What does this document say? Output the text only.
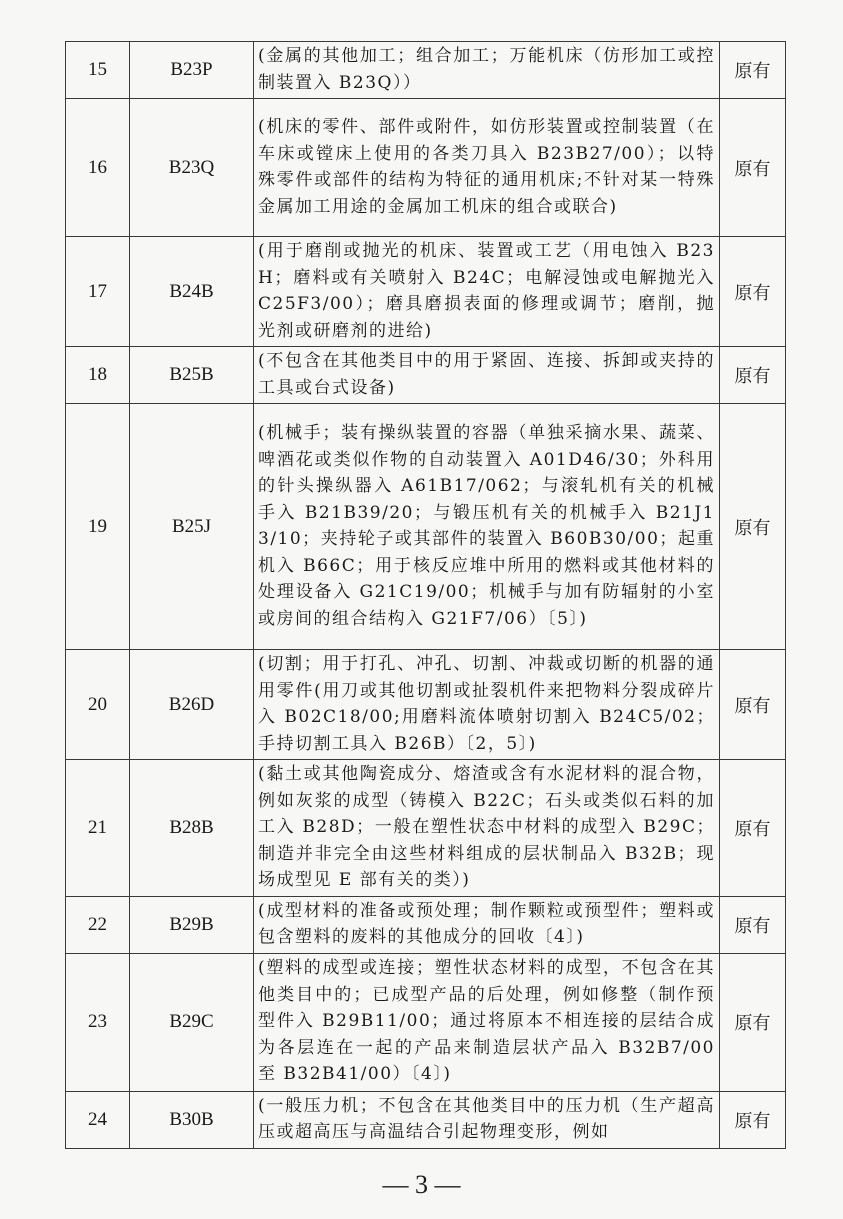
15	B23P	(金属的其他加工；组合加工；万能机床（仿形加工或控制装置入 B23Q））	原有
16	B23Q	(机床的零件、部件或附件，如仿形装置或控制装置（在车床或镗床上使用的各类刀具入 B23B27/00）；以特殊零件或部件的结构为特征的通用机床;不针对某一特殊金属加工用途的金属加工机床的组合或联合)	原有
17	B24B	(用于磨削或抛光的机床、装置或工艺（用电蚀入 B23H；磨料或有关喷射入 B24C；电解浸蚀或电解抛光入 C25F3/00）；磨具磨损表面的修理或调节；磨削，抛光剂或研磨剂的进给)	原有
18	B25B	(不包含在其他类目中的用于紧固、连接、拆卸或夹持的工具或台式设备)	原有
19	B25J	(机械手；装有操纵装置的容器（单独采摘水果、蔬菜、啤酒花或类似作物的自动装置入 A01D46/30；外科用的针头操纵器入 A61B17/062；与滚轧机有关的机械手入 B21B39/20；与锻压机有关的机械手入 B21J13/10；夹持轮子或其部件的装置入 B60B30/00；起重机入 B66C；用于核反应堆中所用的燃料或其他材料的处理设备入 G21C19/00；机械手与加有防辐射的小室或房间的组合结构入 G21F7/06）〔5〕)	原有
20	B26D	(切割；用于打孔、冲孔、切割、冲裁或切断的机器的通用零件(用刀或其他切割或扯裂机件来把物料分裂成碎片入 B02C18/00;用磨料流体喷射切割入 B24C5/02；手持切割工具入 B26B）〔2，5〕)	原有
21	B28B	(黏土或其他陶瓷成分、熔渣或含有水泥材料的混合物，例如灰浆的成型（铸模入 B22C；石头或类似石料的加工入 B28D；一般在塑性状态中材料的成型入 B29C；制造并非完全由这些材料组成的层状制品入 B32B；现场成型见 E 部有关的类）)	原有
22	B29B	(成型材料的准备或预处理；制作颗粒或预型件；塑料或包含塑料的废料的其他成分的回收〔4〕)	原有
23	B29C	(塑料的成型或连接；塑性状态材料的成型，不包含在其他类目中的；已成型产品的后处理，例如修整（制作预型件入 B29B11/00；通过将原本不相连接的层结合成为各层连在一起的产品来制造层状产品入 B32B7/00 至 B32B41/00）〔4〕)	原有
24	B30B	(一般压力机；不包含在其他类目中的压力机（生产超高压或超高压与高温结合引起物理变形，例如	原有
— 3 —
